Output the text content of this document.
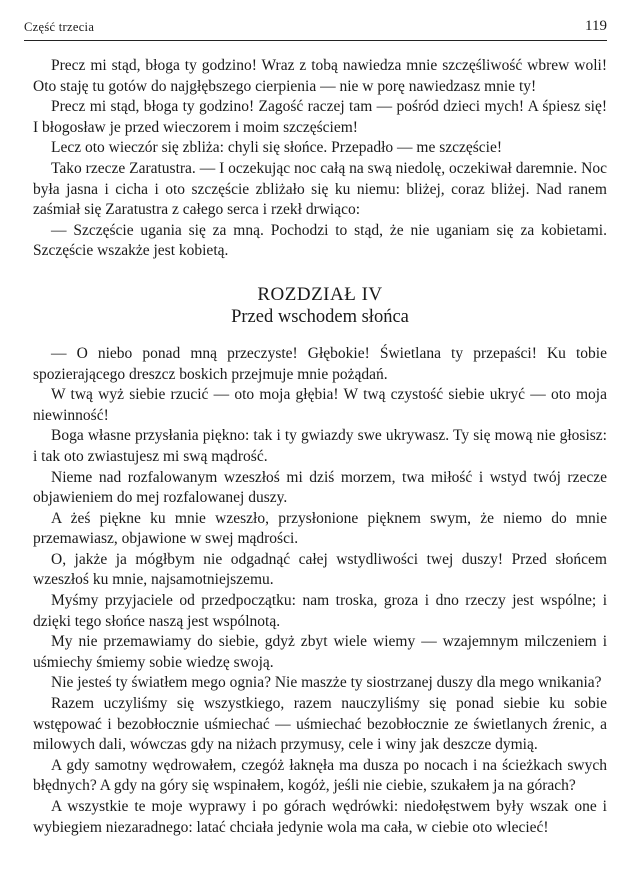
Część trzecia	119

Precz mi stąd, błoga ty godzino! Wraz z tobą nawiedza mnie szczęśliwość wbrew woli! Oto staję tu gotów do najgłębszego cierpienia — nie w porę nawiedzasz mnie ty!

Precz mi stąd, błoga ty godzino! Zagość raczej tam — pośród dzieci mych! A śpiesz się! I błogosław je przed wieczorem i moim szczęściem!

Lecz oto wieczór się zbliża: chyli się słońce. Przepadło — me szczęście!

Tako rzecze Zaratustra. — I oczekując noc całą na swą niedolę, oczekiwał daremnie. Noc była jasna i cicha i oto szczęście zbliżało się ku niemu: bliżej, coraz bliżej. Nad ranem zaśmiał się Zaratustra z całego serca i rzekł drwiąco:

— Szczęście ugania się za mną. Pochodzi to stąd, że nie uganiam się za kobietami. Szczęście wszakże jest kobietą.

ROZDZIAŁ IV
Przed wschodem słońca

— O niebo ponad mną przeczyste! Głębokie! Świetlana ty przepaści! Ku tobie spozierającego dreszcz boskich przejmuje mnie pożądań.

W twą wyż siebie rzucić — oto moja głębia! W twą czystość siebie ukryć — oto moja niewinność!

Boga własne przysłania piękno: tak i ty gwiazdy swe ukrywasz. Ty się mową nie głosisz: i tak oto zwiastujesz mi swą mądrość.

Nieme nad rozfalowanym wzeszłoś mi dziś morzem, twa miłość i wstyd twój rzecze objawieniem do mej rozfalowanej duszy.

A żeś piękne ku mnie wzeszło, przysłonione pięknem swym, że niemo do mnie przemawiasz, objawione w swej mądrości.

O, jakże ja mógłbym nie odgadnąć całej wstydliwości twej duszy! Przed słońcem wzeszłoś ku mnie, najsamotniejszemu.

Myśmy przyjaciele od przedpoczątku: nam troska, groza i dno rzeczy jest wspólne; i dzięki tego słońce naszą jest wspólnotą.

My nie przemawiamy do siebie, gdyż zbyt wiele wiemy — wzajemnym milczeniem i uśmiechy śmiemy sobie wiedzę swoją.

Nie jesteś ty światłem mego ognia? Nie maszże ty siostrzanej duszy dla mego wnikania?

Razem uczyliśmy się wszystkiego, razem nauczyliśmy się ponad siebie ku sobie wstępować i bezobłocznie uśmiechać — uśmiechać bezobłocznie ze świetlanych źrenic, a milowych dali, wówczas gdy na niżach przymusy, cele i winy jak deszcze dymią.

A gdy samotny wędrowałem, czegóż łaknęła ma dusza po nocach i na ścieżkach swych błędnych? A gdy na góry się wspinałem, kogóż, jeśli nie ciebie, szukałem ja na górach?

A wszystkie te moje wyprawy i po górach wędrówki: niedołęstwem były wszak one i wybiegiem niezaradnego: latać chciała jedynie wola ma cała, w ciebie oto wlecieć!
